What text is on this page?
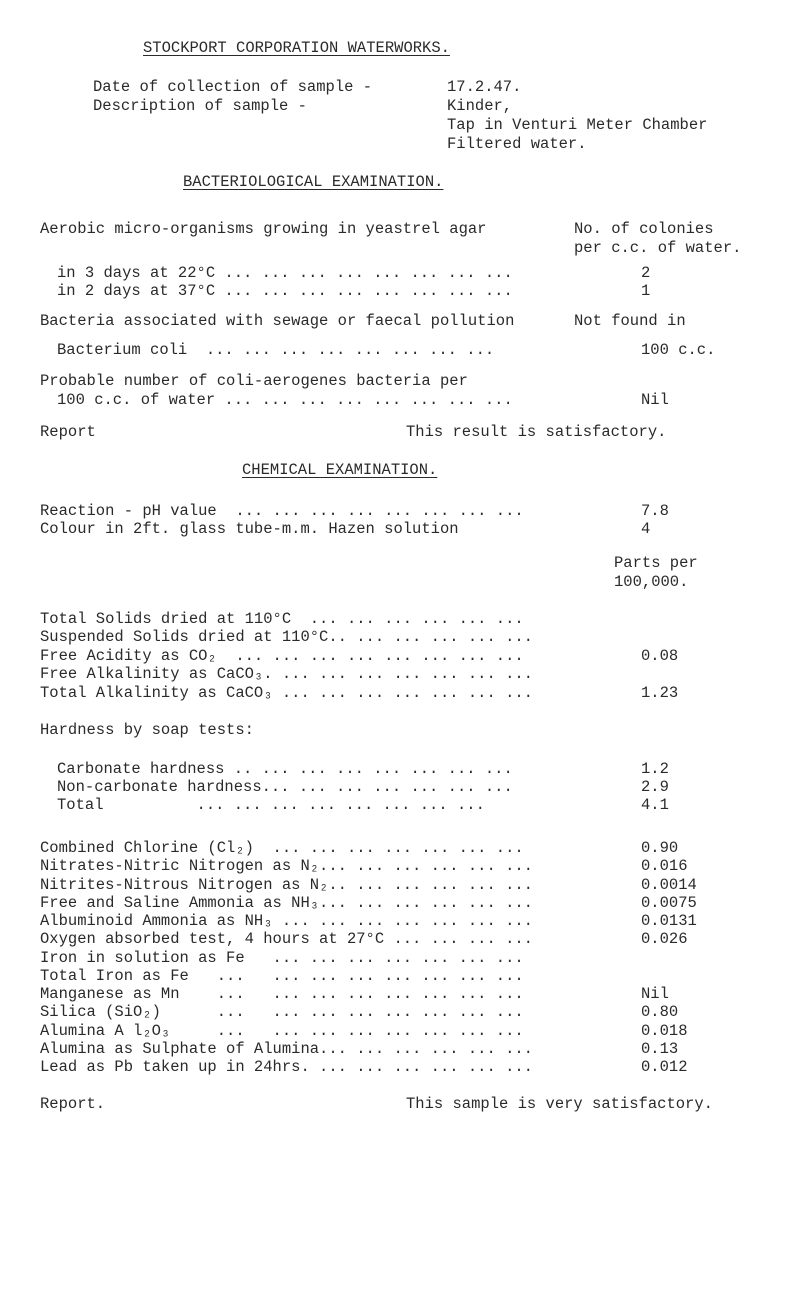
STOCKPORT CORPORATION WATERWORKS.
Date of collection of sample -	17.2.47.
Description of sample -	Kinder,
Tap in Venturi Meter Chamber
Filtered water.
BACTERIOLOGICAL EXAMINATION.
Aerobic micro-organisms growing in yeastrel agar	No. of colonies
per c.c. of water.
in 3 days at 22°C ... ... ... ... ... ... ... ...	2
in 2 days at 37°C ... ... ... ... ... ... ... ...	1
Bacteria associated with sewage or faecal pollution	Not found in
Bacterium coli  ... ... ... ... ... ... ... ...	100 c.c.
Probable number of coli-aerogenes bacteria per
100 c.c. of water ... ... ... ... ... ... ... ...	Nil
Report	This result is satisfactory.
CHEMICAL EXAMINATION.
Reaction - pH value  ... ... ... ... ... ... ... ...	7.8
Colour in 2ft. glass tube-m.m. Hazen solution	4
Parts per
100,000.
Total Solids dried at 110°C  ... ... ... ... ... ...
Suspended Solids dried at 110°C.. ... ... ... ... ...
Free Acidity as CO₂  ... ... ... ... ... ... ... ...	0.08
Free Alkalinity as CaCO₃. ... ... ... ... ... ... ...
Total Alkalinity as CaCO₃ ... ... ... ... ... ... ...	1.23
Hardness by soap tests:
Carbonate hardness .. ... ... ... ... ... ... ...	1.2
Non-carbonate hardness... ... ... ... ... ... ...	2.9
Total          ... ... ... ... ... ... ... ...	4.1
Combined Chlorine (Cl₂)  ... ... ... ... ... ... ...	0.90
Nitrates-Nitric Nitrogen as N₂... ... ... ... ... ...	0.016
Nitrites-Nitrous Nitrogen as N₂.. ... ... ... ... ...	0.0014
Free and Saline Ammonia as NH₃... ... ... ... ... ...	0.0075
Albuminoid Ammonia as NH₃ ... ... ... ... ... ... ...	0.0131
Oxygen absorbed test, 4 hours at 27°C ... ... ... ...	0.026
Iron in solution as Fe   ... ... ... ... ... ... ...
Total Iron as Fe   ...   ... ... ... ... ... ... ...
Manganese as Mn    ...   ... ... ... ... ... ... ...	Nil
Silica (SiO₂)      ...   ... ... ... ... ... ... ...	0.80
Alumina A l₂O₃     ...   ... ... ... ... ... ... ...	0.018
Alumina as Sulphate of Alumina... ... ... ... ... ...	0.13
Lead as Pb taken up in 24hrs. ... ... ... ... ... ...	0.012
Report.	This sample is very satisfactory.
